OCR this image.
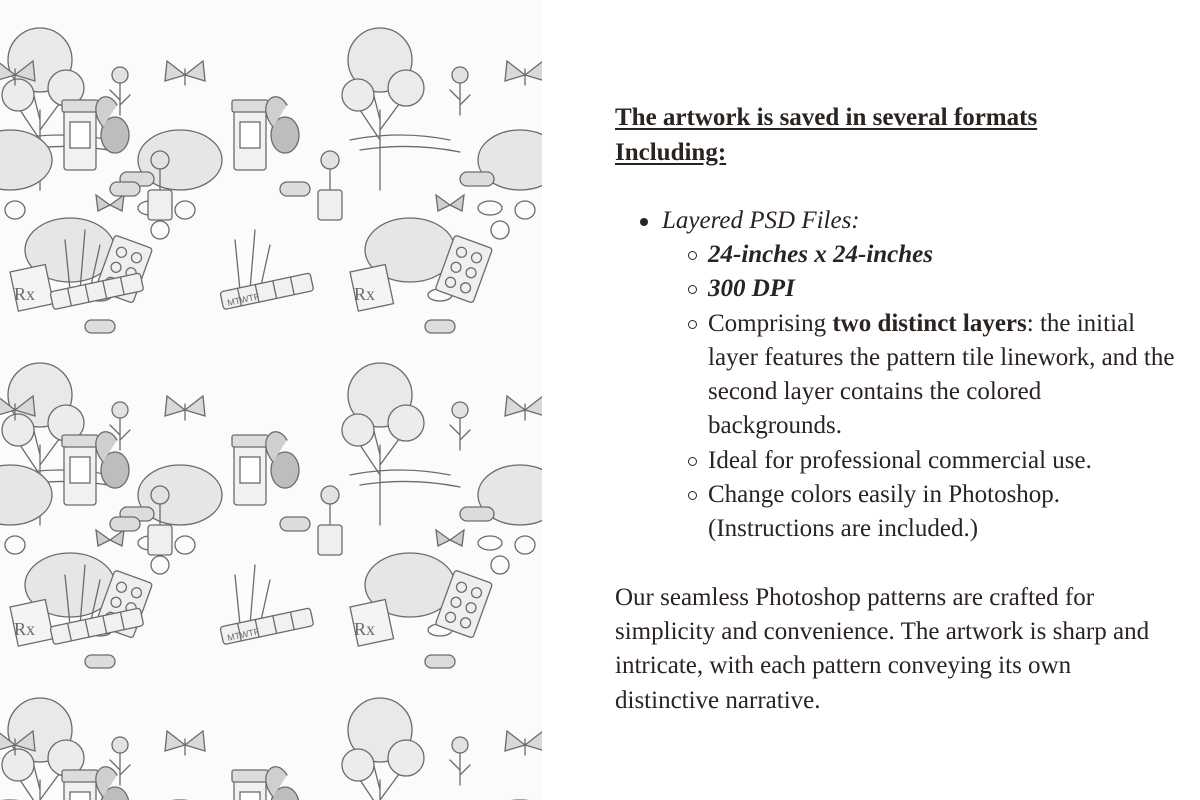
Rx	Rx
Rx	Rx
MTWTF
MTWTF

The artwork is saved in several formats
Including:

Layered PSD Files:
24-inches x 24-inches
300 DPI
Comprising two distinct layers: the initial layer features the pattern tile linework, and the second layer contains the colored backgrounds.
Ideal for professional commercial use.
Change colors easily in Photoshop. (Instructions are included.)

Our seamless Photoshop patterns are crafted for simplicity and convenience. The artwork is sharp and intricate, with each pattern conveying its own distinctive narrative.
